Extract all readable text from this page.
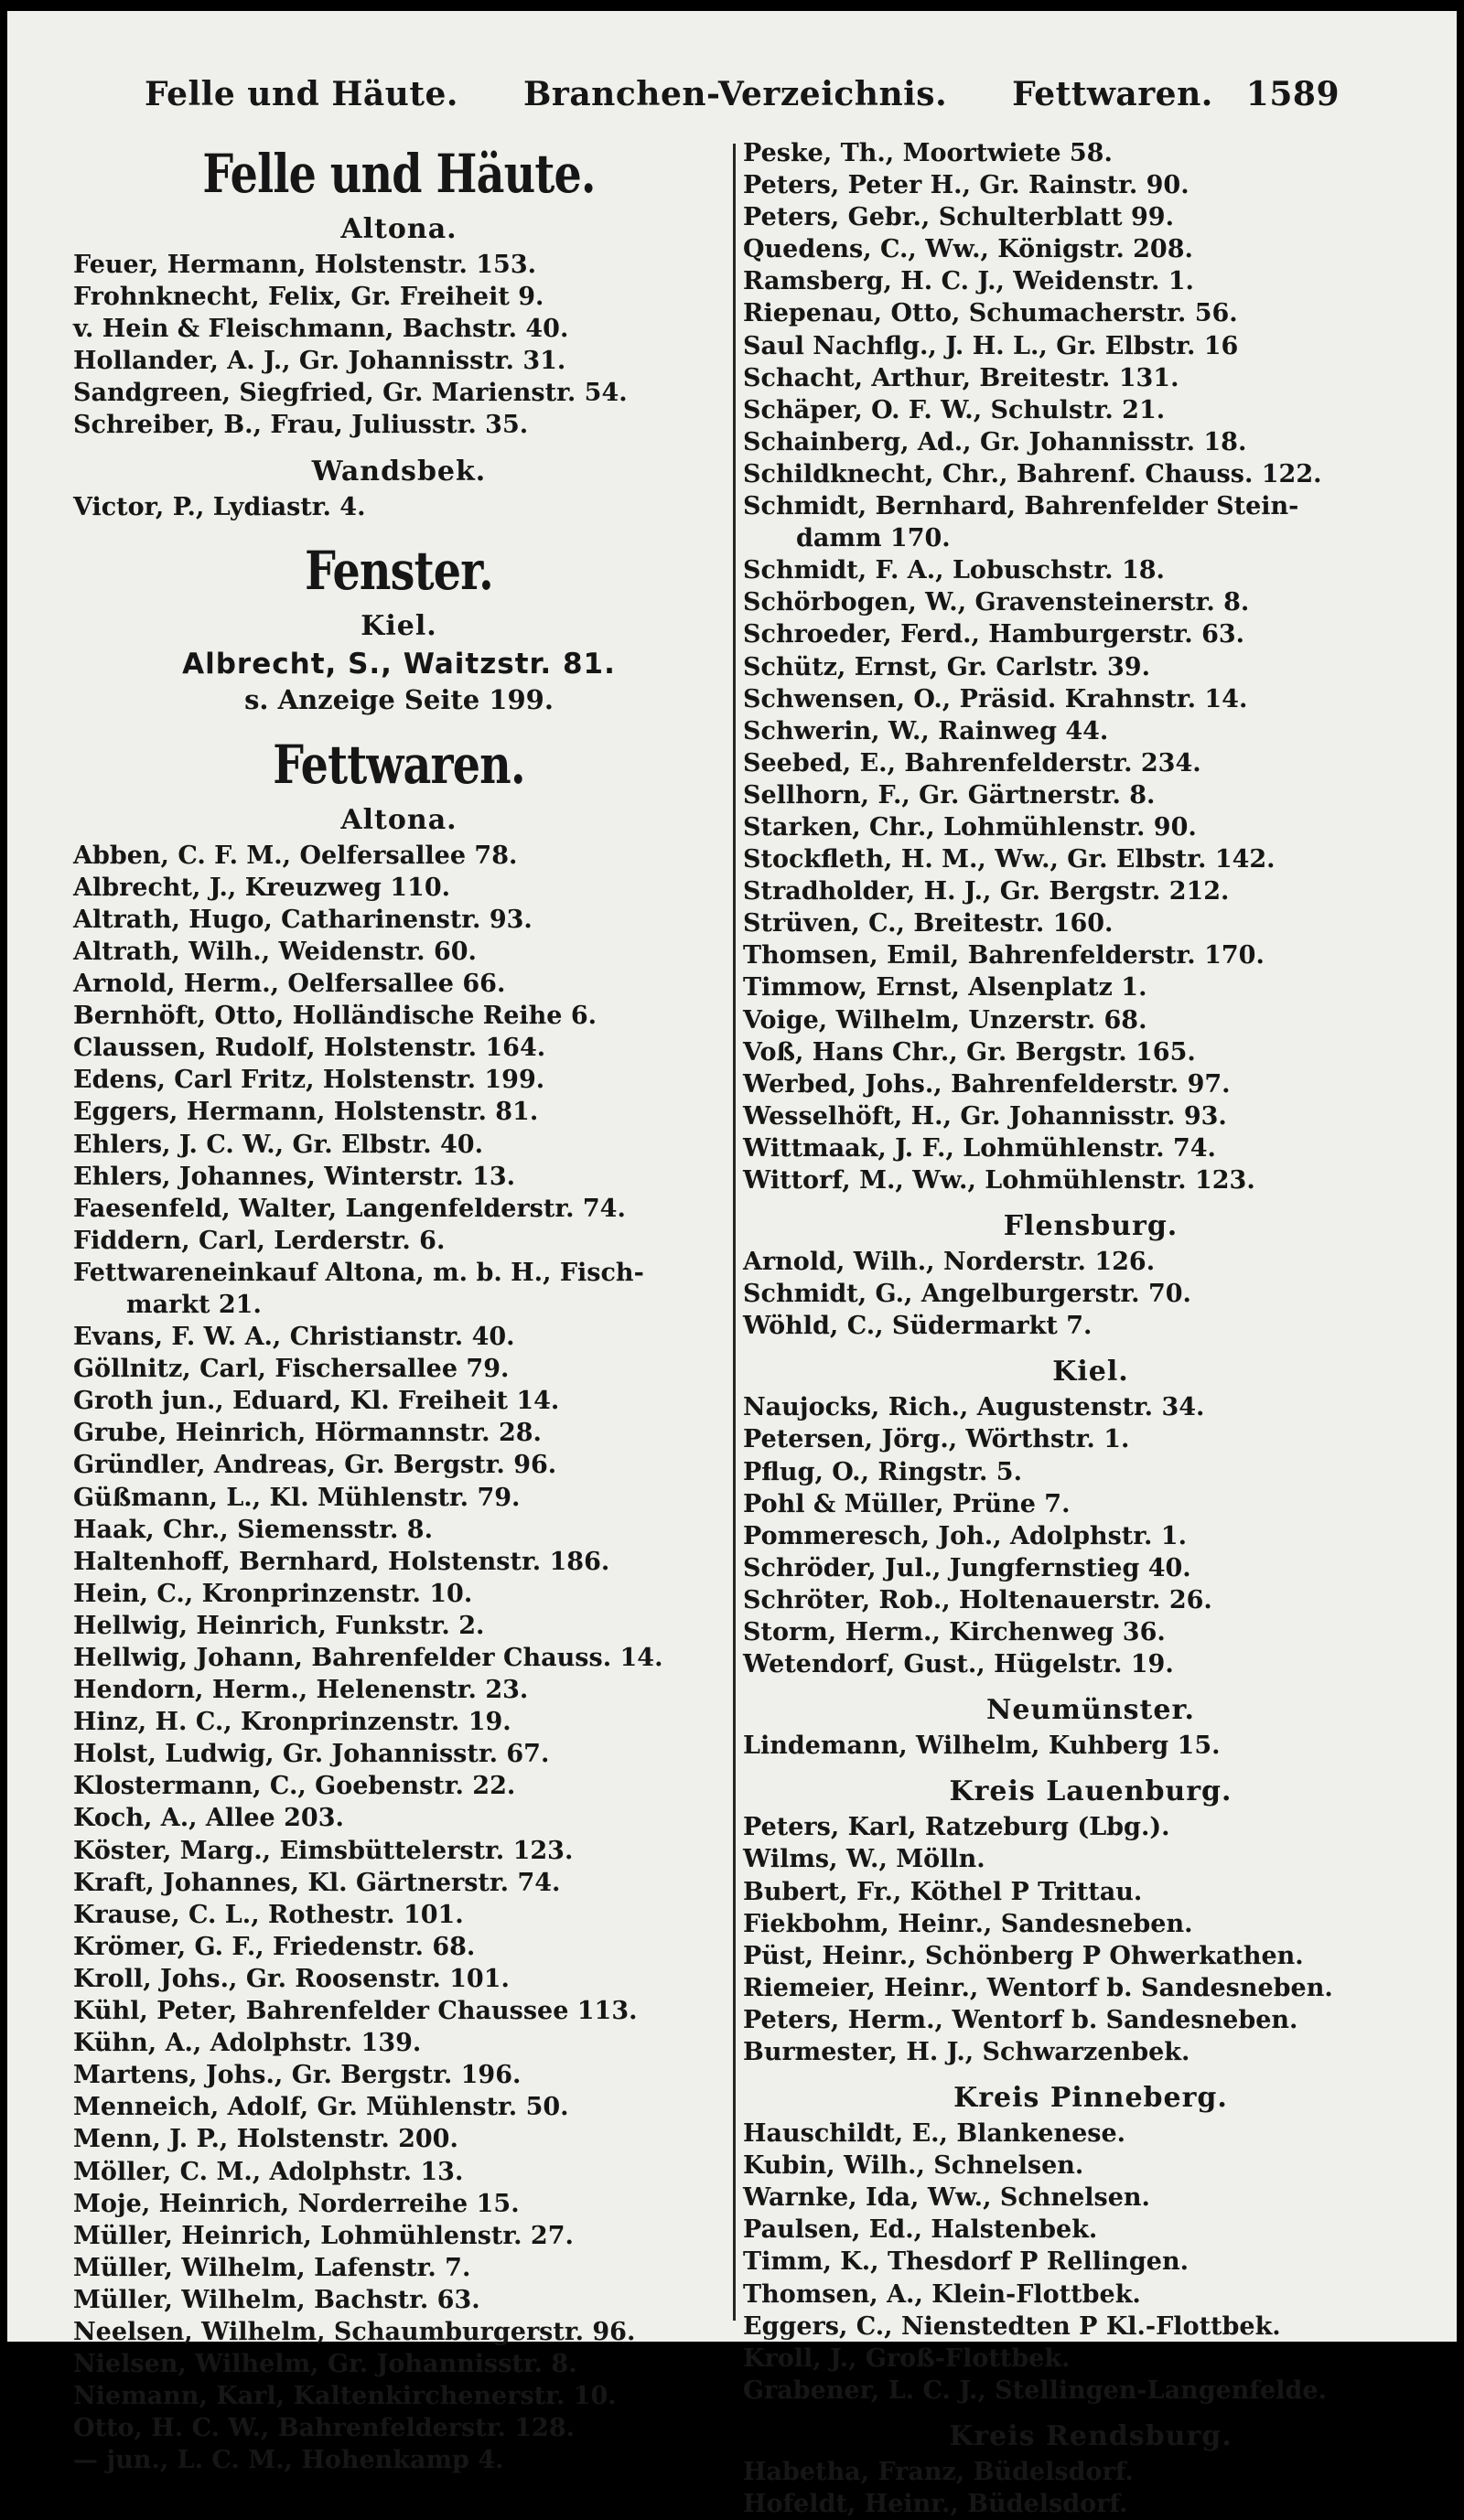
Felle und Häute. Branchen-Verzeichnis. Fettwaren. 1589
Felle und Häute.
Altona.
Feuer, Hermann, Holstenstr. 153.
Frohnknecht, Felix, Gr. Freiheit 9.
v. Hein & Fleischmann, Bachstr. 40.
Hollander, A. J., Gr. Johannisstr. 31.
Sandgreen, Siegfried, Gr. Marienstr. 54.
Schreiber, B., Frau, Juliusstr. 35.
Wandsbek.
Victor, P., Lydiastr. 4.
Fenster.
Kiel.
Albrecht, S., Waitzstr. 81.
s. Anzeige Seite 199.
Fettwaren.
Altona.
Abben, C. F. M., Oelfersallee 78.
Albrecht, J., Kreuzweg 110.
Altrath, Hugo, Catharinenstr. 93.
Altrath, Wilh., Weidenstr. 60.
Arnold, Herm., Oelfersallee 66.
Bernhöft, Otto, Holländische Reihe 6.
Claussen, Rudolf, Holstenstr. 164.
Edens, Carl Fritz, Holstenstr. 199.
Eggers, Hermann, Holstenstr. 81.
Ehlers, J. C. W., Gr. Elbstr. 40.
Ehlers, Johannes, Winterstr. 13.
Faesenfeld, Walter, Langenfelderstr. 74.
Fiddern, Carl, Lerderstr. 6.
Fettwareneinkauf Altona, m. b. H., Fisch-
markt 21.
Evans, F. W. A., Christianstr. 40.
Göllnitz, Carl, Fischersallee 79.
Groth jun., Eduard, Kl. Freiheit 14.
Grube, Heinrich, Hörmannstr. 28.
Gründler, Andreas, Gr. Bergstr. 96.
Güßmann, L., Kl. Mühlenstr. 79.
Haak, Chr., Siemensstr. 8.
Haltenhoff, Bernhard, Holstenstr. 186.
Hein, C., Kronprinzenstr. 10.
Hellwig, Heinrich, Funkstr. 2.
Hellwig, Johann, Bahrenfelder Chauss. 14.
Hendorn, Herm., Helenenstr. 23.
Hinz, H. C., Kronprinzenstr. 19.
Holst, Ludwig, Gr. Johannisstr. 67.
Klostermann, C., Goebenstr. 22.
Koch, A., Allee 203.
Köster, Marg., Eimsbüttelerstr. 123.
Kraft, Johannes, Kl. Gärtnerstr. 74.
Krause, C. L., Rothestr. 101.
Krömer, G. F., Friedenstr. 68.
Kroll, Johs., Gr. Roosenstr. 101.
Kühl, Peter, Bahrenfelder Chaussee 113.
Kühn, A., Adolphstr. 139.
Martens, Johs., Gr. Bergstr. 196.
Menneich, Adolf, Gr. Mühlenstr. 50.
Menn, J. P., Holstenstr. 200.
Möller, C. M., Adolphstr. 13.
Moje, Heinrich, Norderreihe 15.
Müller, Heinrich, Lohmühlenstr. 27.
Müller, Wilhelm, Lafenstr. 7.
Müller, Wilhelm, Bachstr. 63.
Neelsen, Wilhelm, Schaumburgerstr. 96.
Nielsen, Wilhelm, Gr. Johannisstr. 8.
Niemann, Karl, Kaltenkirchenerstr. 10.
Otto, H. C. W., Bahrenfelderstr. 128.
— jun., L. C. M., Hohenkamp 4.
Peske, Th., Moortwiete 58.
Peters, Peter H., Gr. Rainstr. 90.
Peters, Gebr., Schulterblatt 99.
Quedens, C., Ww., Königstr. 208.
Ramsberg, H. C. J., Weidenstr. 1.
Riepenau, Otto, Schumacherstr. 56.
Saul Nachflg., J. H. L., Gr. Elbstr. 16
Schacht, Arthur, Breitestr. 131.
Schäper, O. F. W., Schulstr. 21.
Schainberg, Ad., Gr. Johannisstr. 18.
Schildknecht, Chr., Bahrenf. Chauss. 122.
Schmidt, Bernhard, Bahrenfelder Stein-
damm 170.
Schmidt, F. A., Lobuschstr. 18.
Schörbogen, W., Gravensteinerstr. 8.
Schroeder, Ferd., Hamburgerstr. 63.
Schütz, Ernst, Gr. Carlstr. 39.
Schwensen, O., Präsid. Krahnstr. 14.
Schwerin, W., Rainweg 44.
Seebed, E., Bahrenfelderstr. 234.
Sellhorn, F., Gr. Gärtnerstr. 8.
Starken, Chr., Lohmühlenstr. 90.
Stockfleth, H. M., Ww., Gr. Elbstr. 142.
Stradholder, H. J., Gr. Bergstr. 212.
Strüven, C., Breitestr. 160.
Thomsen, Emil, Bahrenfelderstr. 170.
Timmow, Ernst, Alsenplatz 1.
Voige, Wilhelm, Unzerstr. 68.
Voß, Hans Chr., Gr. Bergstr. 165.
Werbed, Johs., Bahrenfelderstr. 97.
Wesselhöft, H., Gr. Johannisstr. 93.
Wittmaak, J. F., Lohmühlenstr. 74.
Wittorf, M., Ww., Lohmühlenstr. 123.
Flensburg.
Arnold, Wilh., Norderstr. 126.
Schmidt, G., Angelburgerstr. 70.
Wöhld, C., Südermarkt 7.
Kiel.
Naujocks, Rich., Augustenstr. 34.
Petersen, Jörg., Wörthstr. 1.
Pflug, O., Ringstr. 5.
Pohl & Müller, Prüne 7.
Pommeresch, Joh., Adolphstr. 1.
Schröder, Jul., Jungfernstieg 40.
Schröter, Rob., Holtenauerstr. 26.
Storm, Herm., Kirchenweg 36.
Wetendorf, Gust., Hügelstr. 19.
Neumünster.
Lindemann, Wilhelm, Kuhberg 15.
Kreis Lauenburg.
Peters, Karl, Ratzeburg (Lbg.).
Wilms, W., Mölln.
Bubert, Fr., Köthel P Trittau.
Fiekbohm, Heinr., Sandesneben.
Püst, Heinr., Schönberg P Ohwerkathen.
Riemeier, Heinr., Wentorf b. Sandesneben.
Peters, Herm., Wentorf b. Sandesneben.
Burmester, H. J., Schwarzenbek.
Kreis Pinneberg.
Hauschildt, E., Blankenese.
Kubin, Wilh., Schnelsen.
Warnke, Ida, Ww., Schnelsen.
Paulsen, Ed., Halstenbek.
Timm, K., Thesdorf P Rellingen.
Thomsen, A., Klein-Flottbek.
Eggers, C., Nienstedten P Kl.-Flottbek.
Kroll, J., Groß-Flottbek.
Grabener, L. C. J., Stellingen-Langenfelde.
Kreis Rendsburg.
Habetha, Franz, Büdelsdorf.
Hofeldt, Heinr., Büdelsdorf.
